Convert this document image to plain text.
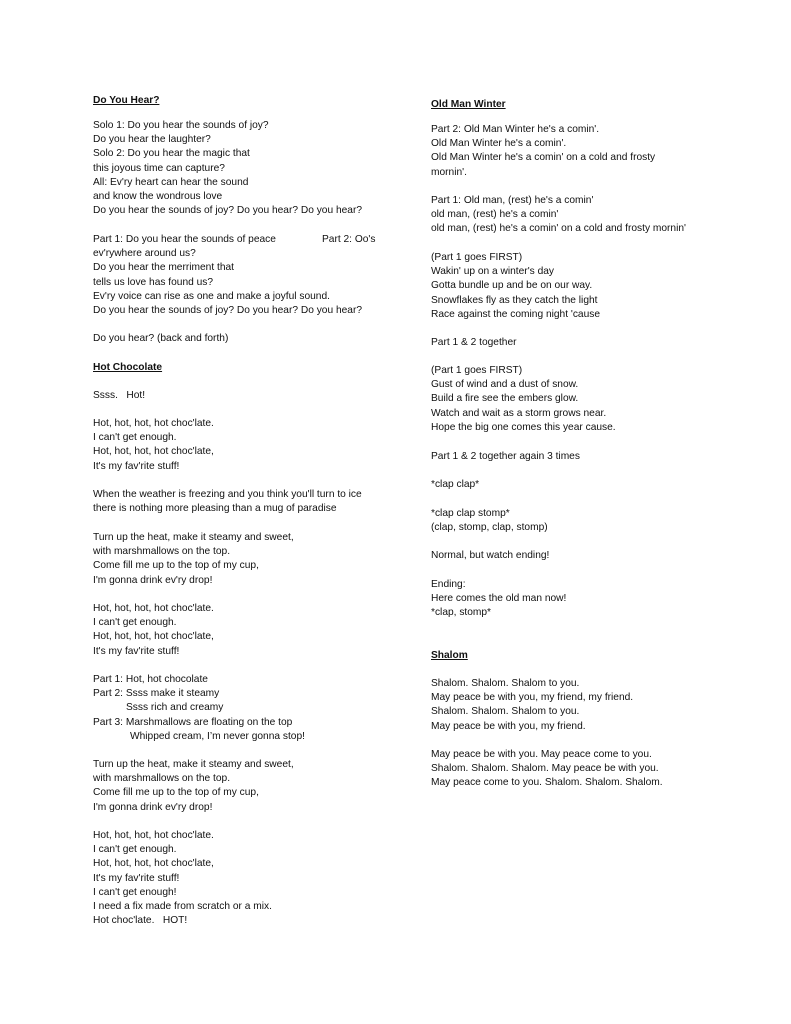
Do You Hear?
Solo 1: Do you hear the sounds of joy?
Do you hear the laughter?
Solo 2: Do you hear the magic that
this joyous time can capture?
All: Ev'ry heart can hear the sound
and know the wondrous love
Do you hear the sounds of joy? Do you hear? Do you hear?
Part 2: Oo's
Part 1: Do you hear the sounds of peace
ev'rywhere around us?
Do you hear the merriment that
tells us love has found us?
Ev'ry voice can rise as one and make a joyful sound.
Do you hear the sounds of joy? Do you hear? Do you hear?
Do you hear? (back and forth)
Hot Chocolate
Ssss.   Hot!
Hot, hot, hot, hot choc'late.
I can't get enough.
Hot, hot, hot, hot choc'late,
It's my fav'rite stuff!
When the weather is freezing and you think you'll turn to ice
there is nothing more pleasing than a mug of paradise
Turn up the heat, make it steamy and sweet,
with marshmallows on the top.
Come fill me up to the top of my cup,
I'm gonna drink ev'ry drop!
Hot, hot, hot, hot choc'late.
I can't get enough.
Hot, hot, hot, hot choc'late,
It's my fav'rite stuff!
Part 1: Hot, hot chocolate
Part 2: Ssss make it steamy
Ssss rich and creamy
Part 3: Marshmallows are floating on the top
Whipped cream, I’m never gonna stop!
Turn up the heat, make it steamy and sweet,
with marshmallows on the top.
Come fill me up to the top of my cup,
I'm gonna drink ev'ry drop!
Hot, hot, hot, hot choc'late.
I can't get enough.
Hot, hot, hot, hot choc'late,
It's my fav'rite stuff!
I can't get enough!
I need a fix made from scratch or a mix.
Hot choc'late.   HOT!
Old Man Winter
Part 2: Old Man Winter he's a comin'.
Old Man Winter he's a comin'.
Old Man Winter he's a comin' on a cold and frosty
mornin'.
Part 1: Old man, (rest) he's a comin'
old man, (rest) he's a comin'
old man, (rest) he's a comin' on a cold and frosty mornin'
(Part 1 goes FIRST)
Wakin' up on a winter's day
Gotta bundle up and be on our way.
Snowflakes fly as they catch the light
Race against the coming night 'cause
Part 1 & 2 together
(Part 1 goes FIRST)
Gust of wind and a dust of snow.
Build a fire see the embers glow.
Watch and wait as a storm grows near.
Hope the big one comes this year cause.
Part 1 & 2 together again 3 times
*clap clap*
*clap clap stomp*
(clap, stomp, clap, stomp)
Normal, but watch ending!
Ending:
Here comes the old man now!
*clap, stomp*
Shalom
Shalom. Shalom. Shalom to you.
May peace be with you, my friend, my friend.
Shalom. Shalom. Shalom to you.
May peace be with you, my friend.
May peace be with you. May peace come to you.
Shalom. Shalom. Shalom. May peace be with you.
May peace come to you. Shalom. Shalom. Shalom.
